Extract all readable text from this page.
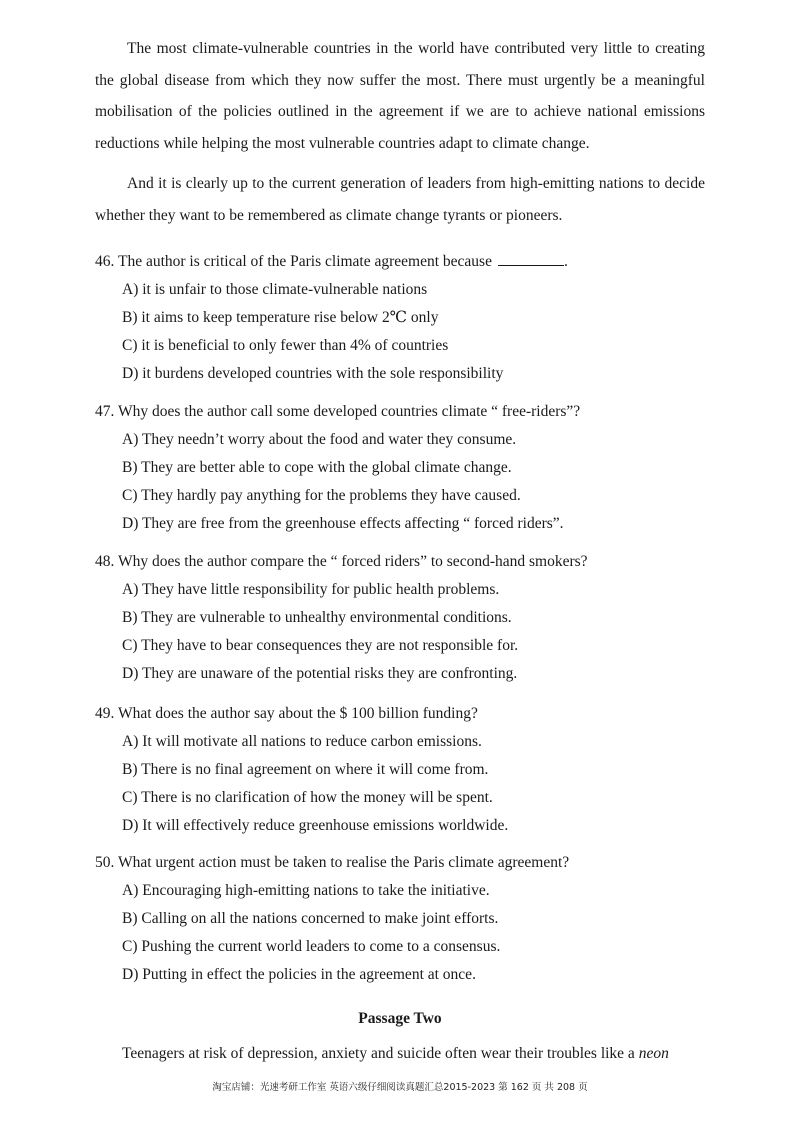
The most climate-vulnerable countries in the world have contributed very little to creating the global disease from which they now suffer the most. There must urgently be a meaningful mobilisation of the policies outlined in the agreement if we are to achieve national emissions reductions while helping the most vulnerable countries adapt to climate change.

And it is clearly up to the current generation of leaders from high-emitting nations to decide whether they want to be remembered as climate change tyrants or pioneers.

46. The author is critical of the Paris climate agreement because	.
A) it is unfair to those climate-vulnerable nations
B) it aims to keep temperature rise below 2℃ only
C) it is beneficial to only fewer than 4% of countries
D) it burdens developed countries with the sole responsibility
47. Why does the author call some developed countries climate “ free-riders”?
A) They needn’t worry about the food and water they consume.
B) They are better able to cope with the global climate change.
C) They hardly pay anything for the problems they have caused.
D) They are free from the greenhouse effects affecting “ forced riders”.
48. Why does the author compare the “ forced riders” to second-hand smokers?
A) They have little responsibility for public health problems.
B) They are vulnerable to unhealthy environmental conditions.
C) They have to bear consequences they are not responsible for.
D) They are unaware of the potential risks they are confronting.
49. What does the author say about the $ 100 billion funding?
A) It will motivate all nations to reduce carbon emissions.
B) There is no final agreement on where it will come from.
C) There is no clarification of how the money will be spent.
D) It will effectively reduce greenhouse emissions worldwide.
50. What urgent action must be taken to realise the Paris climate agreement?
A) Encouraging high-emitting nations to take the initiative.
B) Calling on all the nations concerned to make joint efforts.
C) Pushing the current world leaders to come to a consensus.
D) Putting in effect the policies in the agreement at once.
Passage Two
Teenagers at risk of depression, anxiety and suicide often wear their troubles like a neon
淘宝店铺：光速考研工作室 英语六级仔细阅读真题汇总2015-2023 第 162 页 共 208 页
